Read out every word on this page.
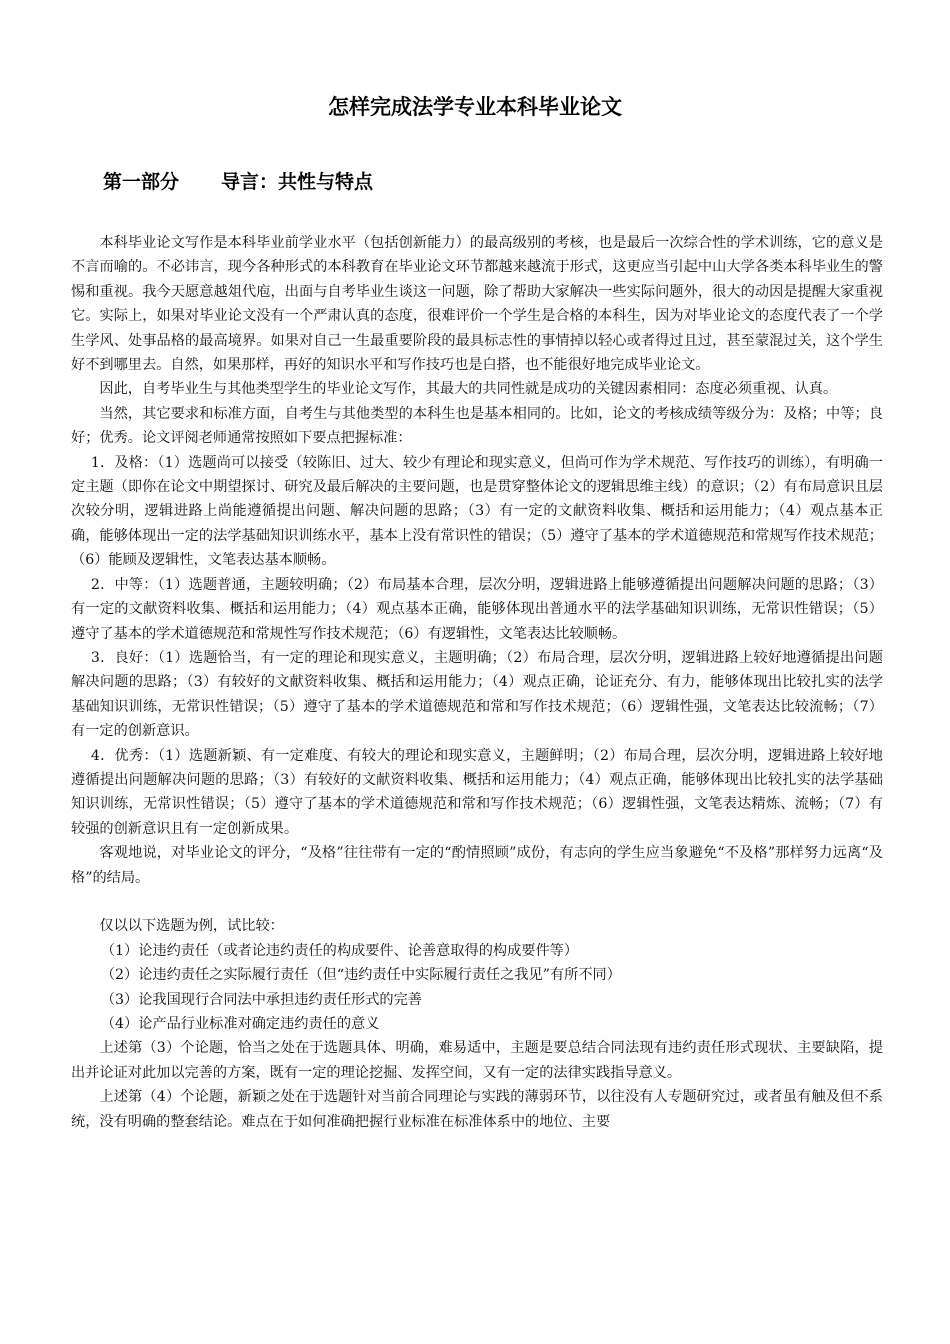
怎样完成法学专业本科毕业论文
第一部分 导言：共性与特点

本科毕业论文写作是本科毕业前学业水平（包括创新能力）的最高级别的考核，也是最后一次综合性的学术训练，它的意义是不言而喻的。不必讳言，现今各种形式的本科教育在毕业论文环节都越来越流于形式，这更应当引起中山大学各类本科毕业生的警惕和重视。我今天愿意越俎代庖，出面与自考毕业生谈这一问题，除了帮助大家解决一些实际问题外，很大的动因是提醒大家重视它。实际上，如果对毕业论文没有一个严肃认真的态度，很难评价一个学生是合格的本科生，因为对毕业论文的态度代表了一个学生学风、处事品格的最高境界。如果对自己一生最重要阶段的最具标志性的事情掉以轻心或者得过且过，甚至蒙混过关，这个学生好不到哪里去。自然，如果那样，再好的知识水平和写作技巧也是白搭，也不能很好地完成毕业论文。

因此，自考毕业生与其他类型学生的毕业论文写作，其最大的共同性就是成功的关键因素相同：态度必须重视、认真。

当然，其它要求和标准方面，自考生与其他类型的本科生也是基本相同的。比如，论文的考核成绩等级分为：及格；中等；良好；优秀。论文评阅老师通常按照如下要点把握标准：

1．及格：（1）选题尚可以接受（较陈旧、过大、较少有理论和现实意义，但尚可作为学术规范、写作技巧的训练），有明确一定主题（即你在论文中期望探讨、研究及最后解决的主要问题，也是贯穿整体论文的逻辑思维主线）的意识；（2）有布局意识且层次较分明，逻辑进路上尚能遵循提出问题、解决问题的思路；（3）有一定的文献资料收集、概括和运用能力；（4）观点基本正确，能够体现出一定的法学基础知识训练水平，基本上没有常识性的错误；（5）遵守了基本的学术道德规范和常规写作技术规范；（6）能顾及逻辑性，文笔表达基本顺畅。

2．中等：（1）选题普通，主题较明确；（2）布局基本合理，层次分明，逻辑进路上能够遵循提出问题解决问题的思路；（3）有一定的文献资料收集、概括和运用能力；（4）观点基本正确，能够体现出普通水平的法学基础知识训练，无常识性错误；（5）遵守了基本的学术道德规范和常规性写作技术规范；（6）有逻辑性，文笔表达比较顺畅。

3．良好：（1）选题恰当，有一定的理论和现实意义，主题明确；（2）布局合理，层次分明，逻辑进路上较好地遵循提出问题解决问题的思路；（3）有较好的文献资料收集、概括和运用能力；（4）观点正确，论证充分、有力，能够体现出比较扎实的法学基础知识训练，无常识性错误；（5）遵守了基本的学术道德规范和常和写作技术规范；（6）逻辑性强，文笔表达比较流畅；（7）有一定的创新意识。

4．优秀：（1）选题新颖、有一定难度、有较大的理论和现实意义，主题鲜明；（2）布局合理，层次分明，逻辑进路上较好地遵循提出问题解决问题的思路；（3）有较好的文献资料收集、概括和运用能力；（4）观点正确，能够体现出比较扎实的法学基础知识训练，无常识性错误；（5）遵守了基本的学术道德规范和常和写作技术规范；（6）逻辑性强，文笔表达精炼、流畅；（7）有较强的创新意识且有一定创新成果。

客观地说，对毕业论文的评分，“及格”往往带有一定的“酌情照顾”成份，有志向的学生应当象避免“不及格”那样努力远离“及格”的结局。

仅以以下选题为例，试比较：

（1）论违约责任（或者论违约责任的构成要件、论善意取得的构成要件等）

（2）论违约责任之实际履行责任（但“违约责任中实际履行责任之我见”有所不同）

（3）论我国现行合同法中承担违约责任形式的完善

（4）论产品行业标准对确定违约责任的意义

上述第（3）个论题，恰当之处在于选题具体、明确，难易适中，主题是要总结合同法现有违约责任形式现状、主要缺陷，提出并论证对此加以完善的方案，既有一定的理论挖掘、发挥空间，又有一定的法律实践指导意义。

上述第（4）个论题，新颖之处在于选题针对当前合同理论与实践的薄弱环节，以往没有人专题研究过，或者虽有触及但不系统，没有明确的整套结论。难点在于如何准确把握行业标准在标准体系中的地位、主要
